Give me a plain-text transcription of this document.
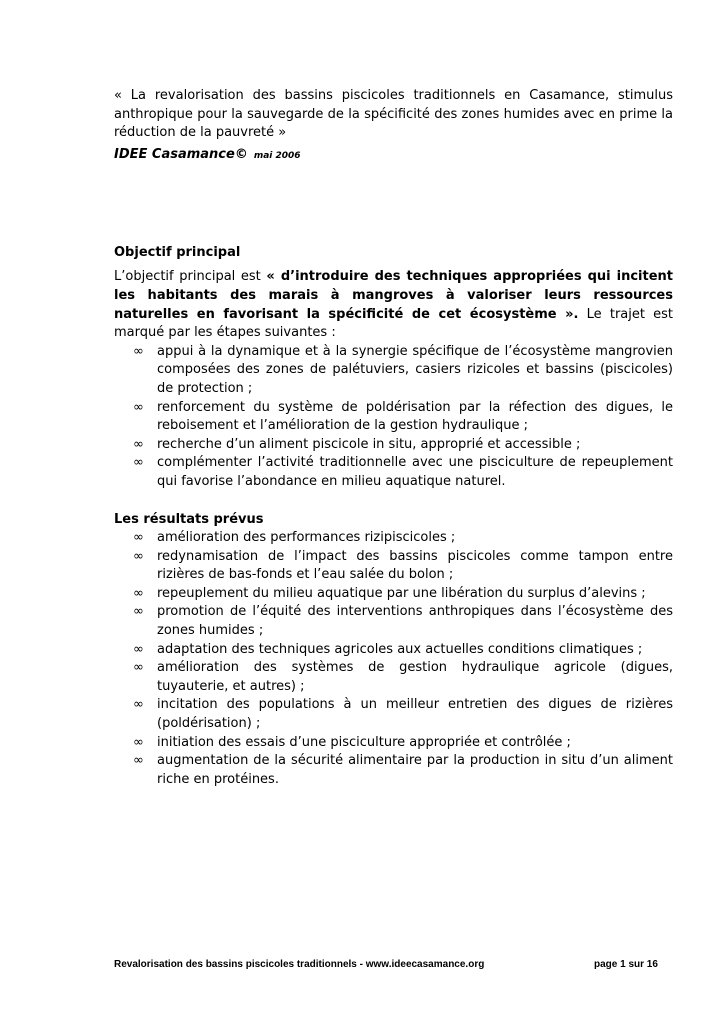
« La revalorisation des bassins piscicoles traditionnels en Casamance, stimulus anthropique pour la sauvegarde de la spécificité des zones humides avec en prime la réduction de la pauvreté »

IDEE Casamance© mai 2006

Objectif principal

L’objectif principal est « d’introduire des techniques appropriées qui incitent les habitants des marais à mangroves à valoriser leurs ressources naturelles en favorisant la spécificité de cet écosystème ». Le trajet est marqué par les étapes suivantes :

∞ appui à la dynamique et à la synergie spécifique de l’écosystème mangrovien composées des zones de palétuviers, casiers rizicoles et bassins (piscicoles) de protection ;
∞ renforcement du système de poldérisation par la réfection des digues, le reboisement et l’amélioration de la gestion hydraulique ;
∞ recherche d’un aliment piscicole in situ, approprié et accessible ;
∞ complémenter l’activité traditionnelle avec une pisciculture de repeuplement qui favorise l’abondance en milieu aquatique naturel.

Les résultats prévus

∞ amélioration des performances rizipiscicoles ;
∞ redynamisation de l’impact des bassins piscicoles comme tampon entre rizières de bas-fonds et l’eau salée du bolon ;
∞ repeuplement du milieu aquatique par une libération du surplus d’alevins ;
∞ promotion de l’équité des interventions anthropiques dans l’écosystème des zones humides ;
∞ adaptation des techniques agricoles aux actuelles conditions climatiques ;
∞ amélioration des systèmes de gestion hydraulique agricole (digues, tuyauterie, et autres) ;
∞ incitation des populations à un meilleur entretien des digues de rizières (poldérisation) ;
∞ initiation des essais d’une pisciculture appropriée et contrôlée ;
∞ augmentation de la sécurité alimentaire par la production in situ d’un aliment riche en protéines.
Revalorisation des bassins piscicoles traditionnels - www.ideecasamance.org	page 1 sur 16
